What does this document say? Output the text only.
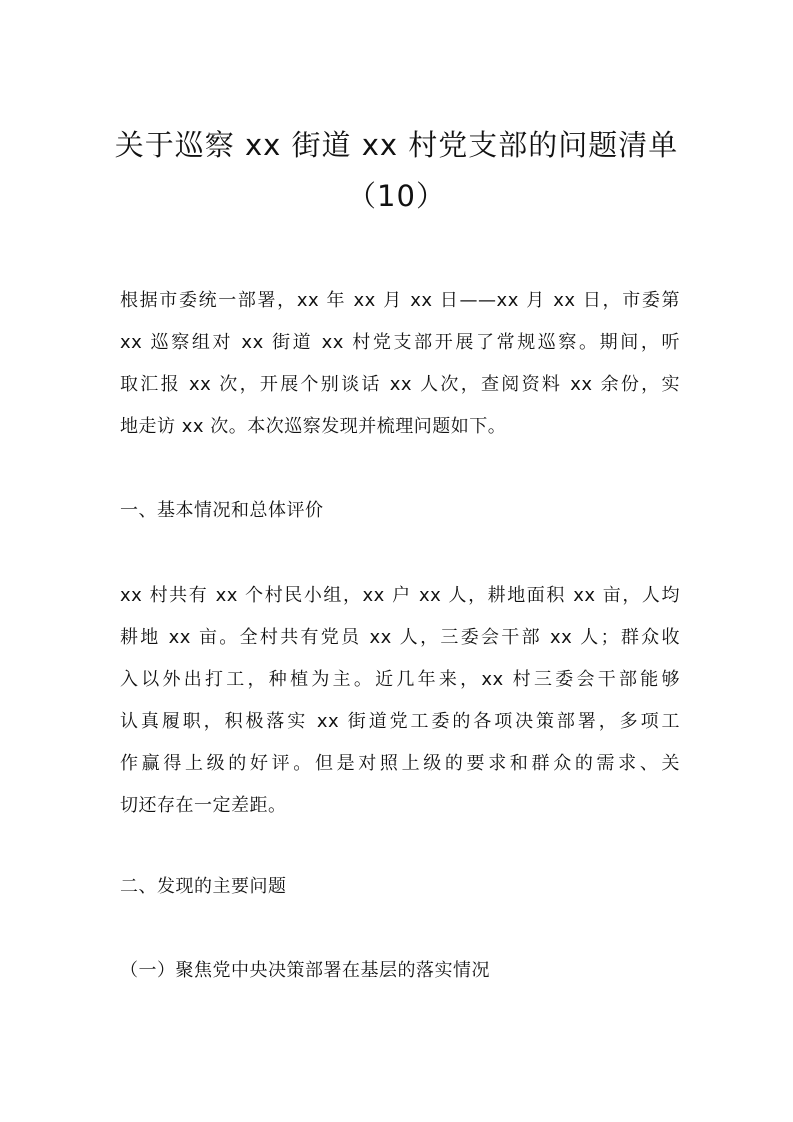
关于巡察 xx 街道 xx 村党支部的问题清单
（10）
根据市委统一部署，xx 年 xx 月 xx 日——xx 月 xx 日，市委第
xx 巡察组对 xx 街道 xx 村党支部开展了常规巡察。期间，听
取汇报 xx 次，开展个别谈话 xx 人次，查阅资料 xx 余份，实
地走访 xx 次。本次巡察发现并梳理问题如下。
一、基本情况和总体评价
xx 村共有 xx 个村民小组，xx 户 xx 人，耕地面积 xx 亩，人均
耕地 xx 亩。全村共有党员 xx 人，三委会干部 xx 人；群众收
入以外出打工，种植为主。近几年来，xx 村三委会干部能够
认真履职，积极落实 xx 街道党工委的各项决策部署，多项工
作赢得上级的好评。但是对照上级的要求和群众的需求、关
切还存在一定差距。
二、发现的主要问题
（一）聚焦党中央决策部署在基层的落实情况
